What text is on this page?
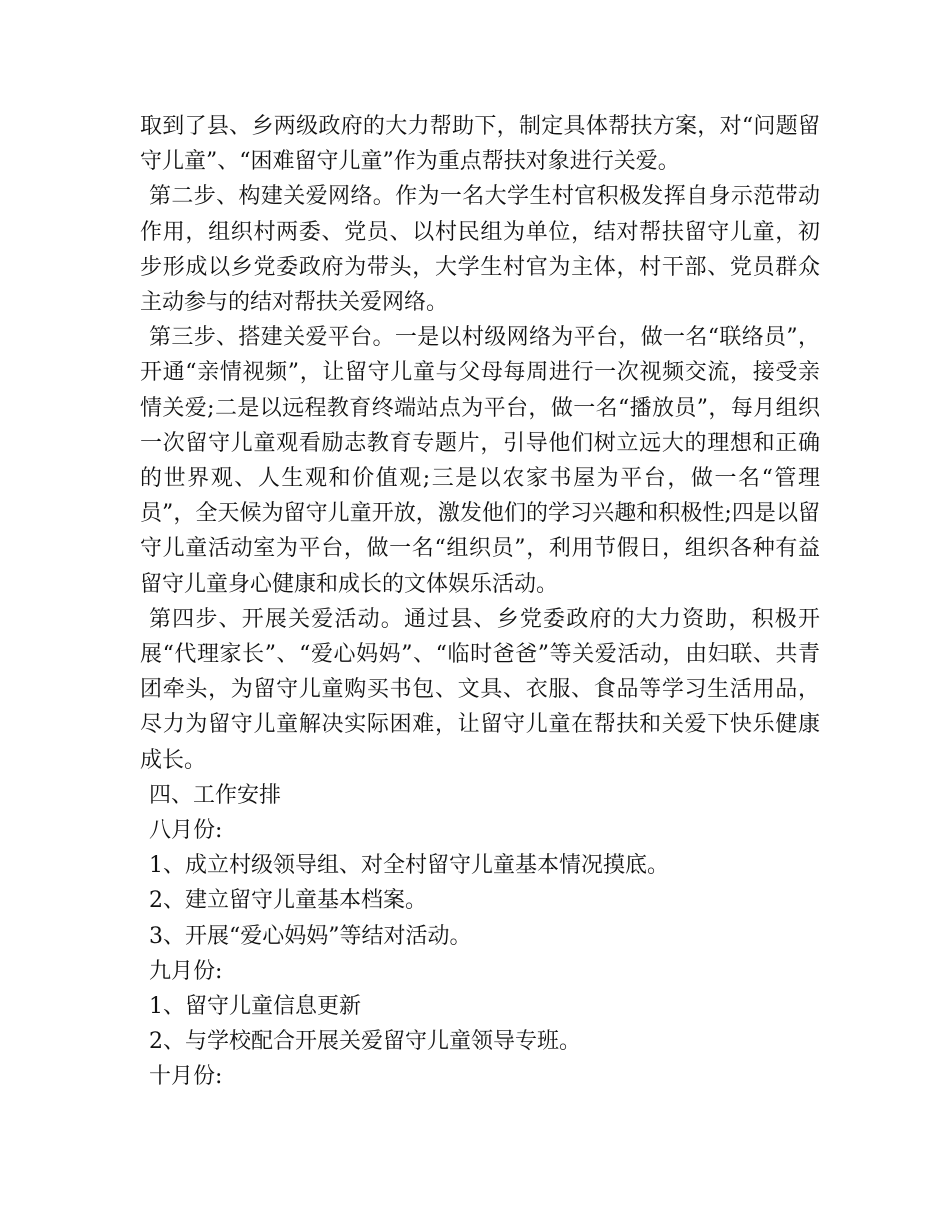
取到了县、乡两级政府的大力帮助下，制定具体帮扶方案，对“问题留守儿童”、“困难留守儿童”作为重点帮扶对象进行关爱。

第二步、构建关爱网络。作为一名大学生村官积极发挥自身示范带动作用，组织村两委、党员、以村民组为单位，结对帮扶留守儿童，初步形成以乡党委政府为带头，大学生村官为主体，村干部、党员群众主动参与的结对帮扶关爱网络。

第三步、搭建关爱平台。一是以村级网络为平台，做一名“联络员”，开通“亲情视频”，让留守儿童与父母每周进行一次视频交流，接受亲情关爱;二是以远程教育终端站点为平台，做一名“播放员”，每月组织一次留守儿童观看励志教育专题片，引导他们树立远大的理想和正确的世界观、人生观和价值观;三是以农家书屋为平台，做一名“管理员”，全天候为留守儿童开放，激发他们的学习兴趣和积极性;四是以留守儿童活动室为平台，做一名“组织员”，利用节假日，组织各种有益留守儿童身心健康和成长的文体娱乐活动。

第四步、开展关爱活动。通过县、乡党委政府的大力资助，积极开展“代理家长”、“爱心妈妈”、“临时爸爸”等关爱活动，由妇联、共青团牵头，为留守儿童购买书包、文具、衣服、食品等学习生活用品，尽力为留守儿童解决实际困难，让留守儿童在帮扶和关爱下快乐健康成长。

四、工作安排

八月份:

1、成立村级领导组、对全村留守儿童基本情况摸底。

2、建立留守儿童基本档案。

3、开展“爱心妈妈”等结对活动。

九月份:

1、留守儿童信息更新

2、与学校配合开展关爱留守儿童领导专班。

十月份:
